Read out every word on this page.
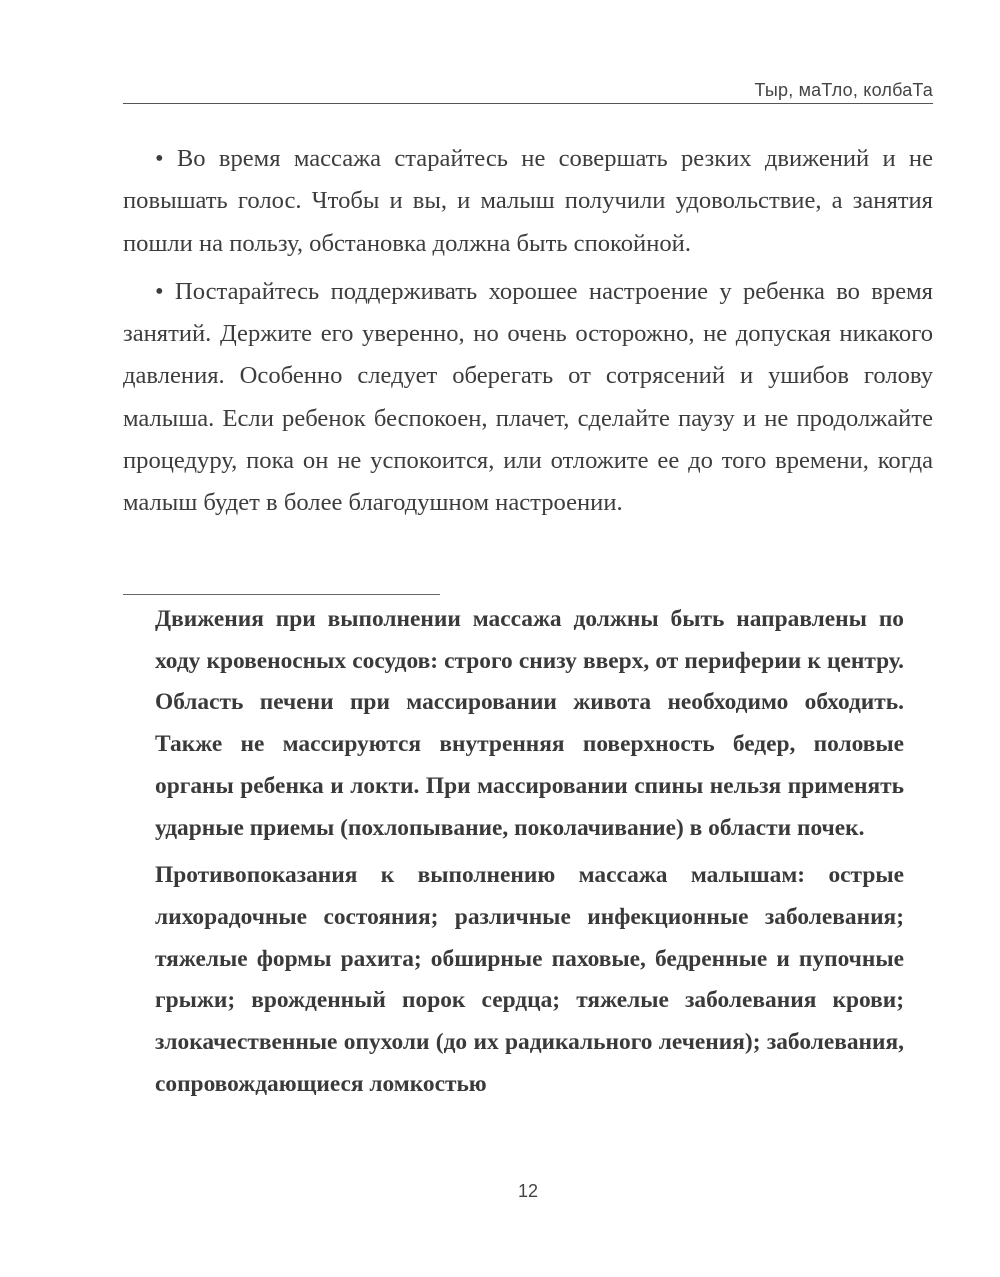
Тыр, маТло, колбаТа

• Во время массажа старайтесь не совершать резких движений и не повышать голос. Чтобы и вы, и малыш получили удовольствие, а занятия пошли на пользу, обстановка должна быть спокойной.

• Постарайтесь поддерживать хорошее настроение у ребенка во время занятий. Держите его уверенно, но очень осторожно, не допуская никакого давления. Особенно следует оберегать от сотрясений и ушибов голову малыша. Если ребенок беспокоен, плачет, сделайте паузу и не продолжайте процедуру, пока он не успокоится, или отложите ее до того времени, когда малыш будет в более благодушном настроении.

Движения при выполнении массажа должны быть направлены по ходу кровеносных сосудов: строго снизу вверх, от периферии к центру. Область печени при массировании живота необходимо обходить. Также не массируются внутренняя поверхность бедер, половые органы ребенка и локти. При массировании спины нельзя применять ударные приемы (похлопывание, поколачивание) в области почек.

Противопоказания к выполнению массажа малышам: острые лихорадочные состояния; различные инфекционные заболевания; тяжелые формы рахита; обширные паховые, бедренные и пупочные грыжи; врожденный порок сердца; тяжелые заболевания крови; злокачественные опухоли (до их радикального лечения); заболевания, сопровождающиеся ломкостью

12
